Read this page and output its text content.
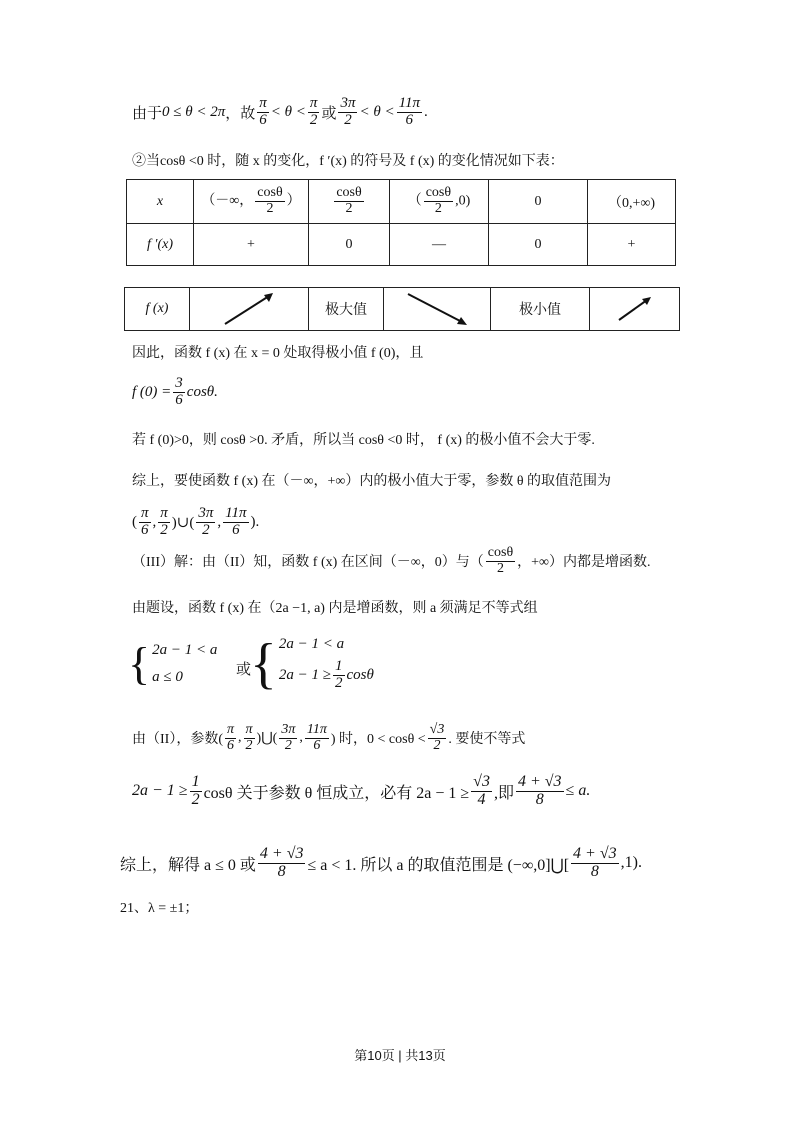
由于 0 ≤ θ < 2π ，故 $\frac{\pi}{6} < \theta < \frac{\pi}{2}$ 或 $\frac{3\pi}{2} < \theta < \frac{11\pi}{6}$ .
②当cosθ <0 时，随 x 的变化，f ′(x) 的符号及 f (x) 的变化情况如下表：
x	（－∞， $\frac{\cos\theta}{2}$ ）	$\frac{\cos\theta}{2}$	（ $\frac{\cos\theta}{2} ,0$)	0	（0,+∞)
f ′(x)	+	0	—	0	+
f (x)		极大值		极小值	
因此，函数 f (x) 在 x = 0 处取得极小值 f (0)，且
f $(0) = \frac{3}{6} \cos\theta$.
若 f (0)>0，则 cosθ >0. 矛盾，所以当 cosθ <0 时， f (x) 的极小值不会大于零.
综上，要使函数 f (x) 在（－∞，+∞）内的极小值大于零，参数 θ 的取值范围为
( $\frac{\pi}{6}$ , $\frac{\pi}{2}$ )∪( $\frac{3\pi}{2}$ , $\frac{11\pi}{6}$ ).
（III）解：由（II）知，函数 f (x) 在区间（－∞，0）与（ $\frac{\cos\theta}{2}$ ，+∞）内都是增函数.
由题设，函数 f (x) 在（2a −1, a) 内是增函数，则 a 须满足不等式组
{ 2a − 1 < a
a ≤ 0	或
{ 2a − 1 < a
$2a - 1 \ge \frac{1}{2}$ cosθ
由（II），参数( $\frac{\pi}{6}$ , $\frac{\pi}{2}$ )⋃( $\frac{3\pi}{2}$ , $\frac{11\pi}{6}$ ) 时，$0 < \cos\theta < \frac{√3}{2}$ . 要使不等式
$2a - 1 \ge \frac{1}{2}$ cosθ 关于参数 θ 恒成立，必有 $2a - 1 \ge \frac{√3}{4}$ ,即 $\frac{4 + √3}{8} \le a$.
综上，解得 a ≤ 0 或 $\frac{4 + √3}{8} \le a < 1$. 所以 a 的取值范围是 (−∞,0]⋃[ $\frac{4 + √3}{8} ,1$).
21、λ = ±1；
第10页 | 共13页
